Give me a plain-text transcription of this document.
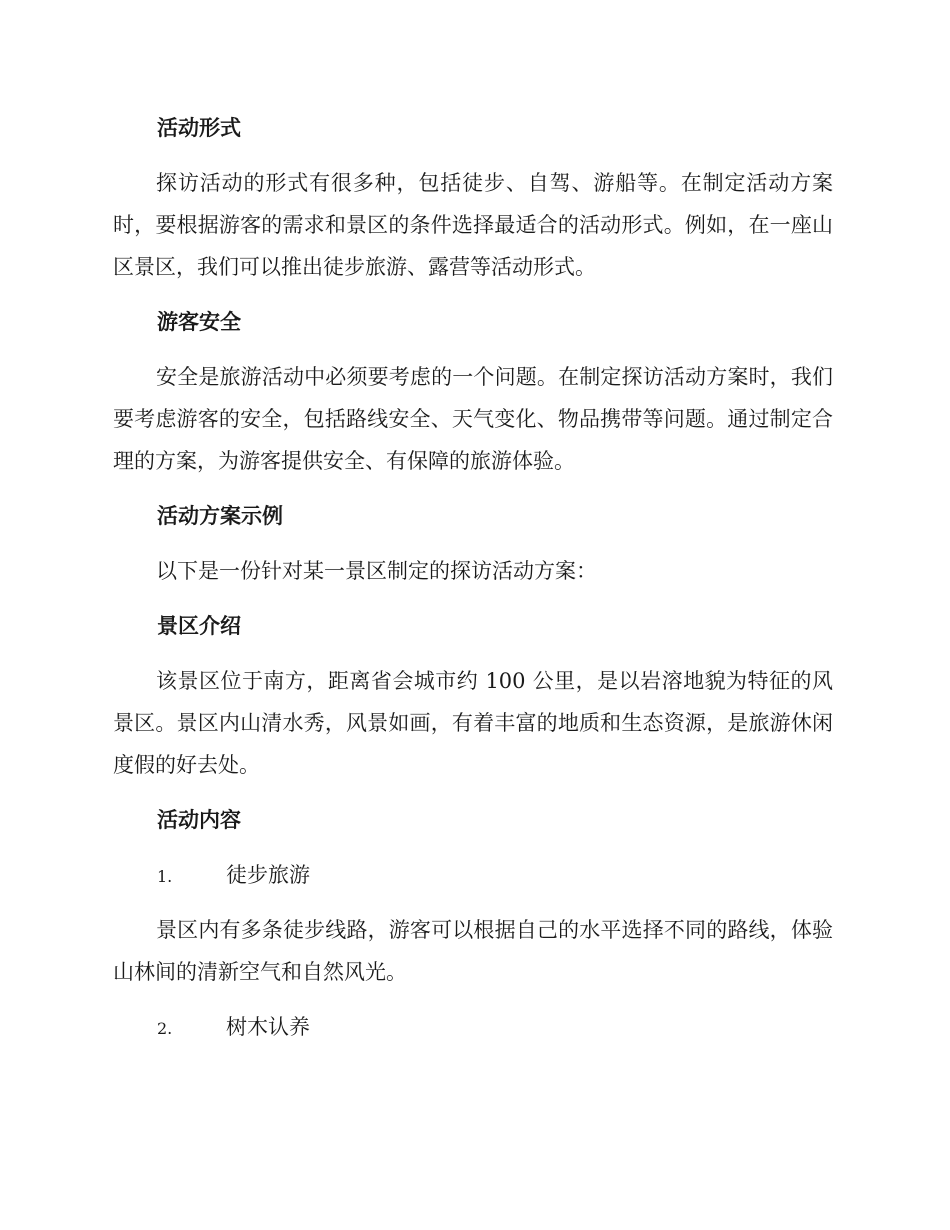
活动形式

探访活动的形式有很多种，包括徒步、自驾、游船等。在制定活动方案时，要根据游客的需求和景区的条件选择最适合的活动形式。例如，在一座山区景区，我们可以推出徒步旅游、露营等活动形式。

游客安全

安全是旅游活动中必须要考虑的一个问题。在制定探访活动方案时，我们要考虑游客的安全，包括路线安全、天气变化、物品携带等问题。通过制定合理的方案，为游客提供安全、有保障的旅游体验。

活动方案示例

以下是一份针对某一景区制定的探访活动方案：

景区介绍

该景区位于南方，距离省会城市约 100 公里，是以岩溶地貌为特征的风景区。景区内山清水秀，风景如画，有着丰富的地质和生态资源，是旅游休闲度假的好去处。

活动内容
1.	徒步旅游

景区内有多条徒步线路，游客可以根据自己的水平选择不同的路线，体验山林间的清新空气和自然风光。

2.	树木认养
